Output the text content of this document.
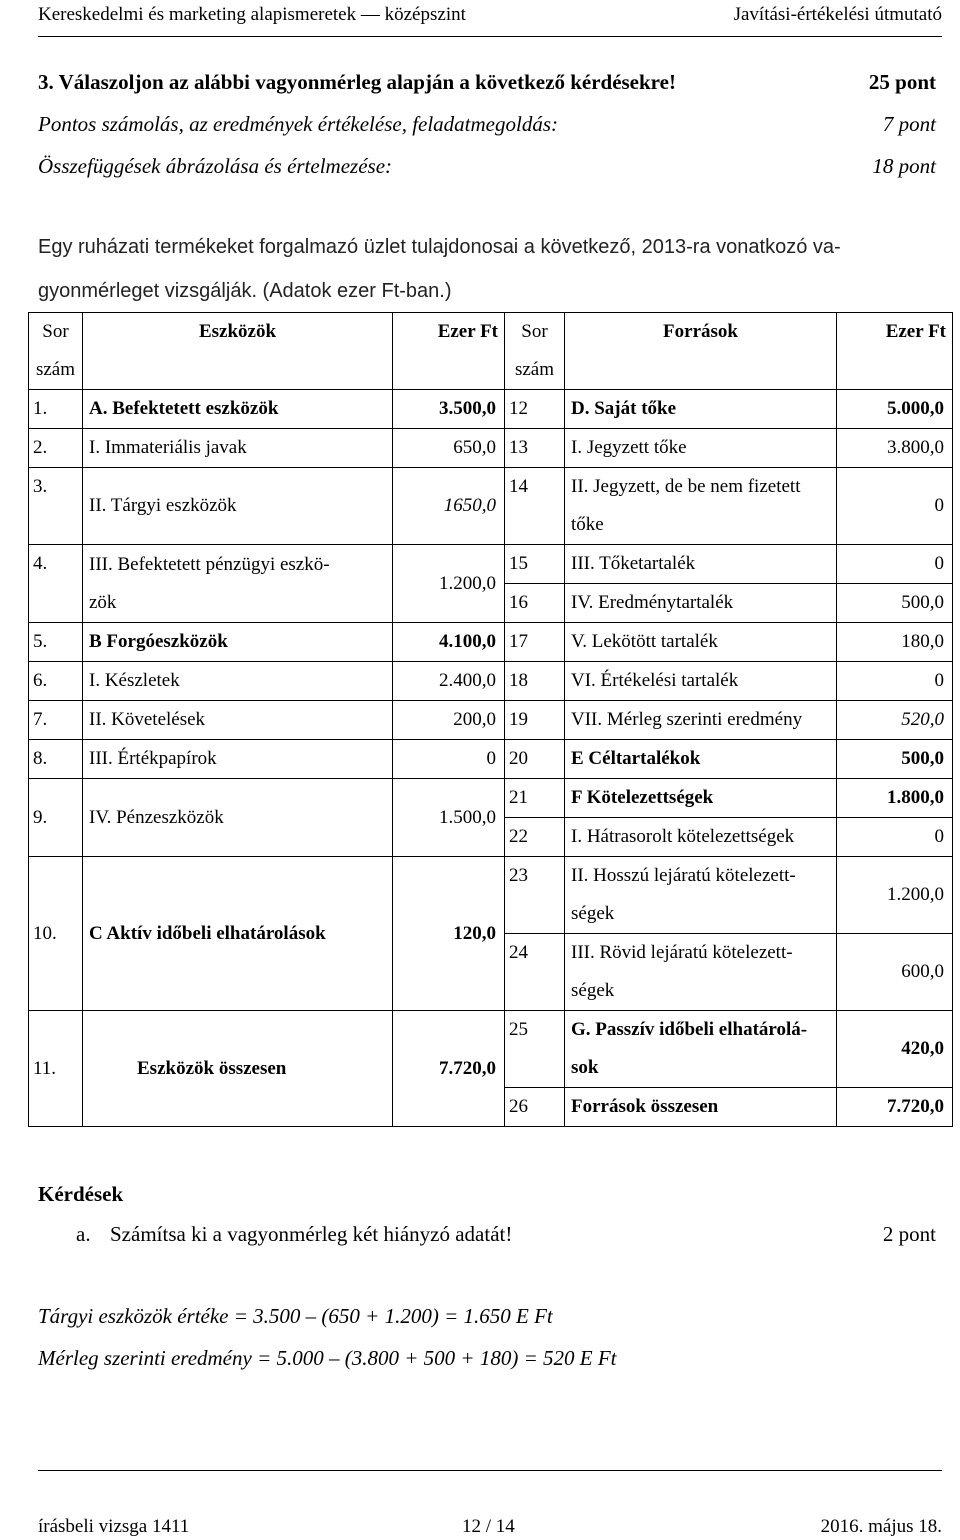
Kereskedelmi és marketing alapismeretek — középszint	Javítási-értékelési útmutató
3. Válaszoljon az alábbi vagyonmérleg alapján a következő kérdésekre!	25 pont
Pontos számolás, az eredmények értékelése, feladatmegoldás:	7 pont
Összefüggések ábrázolása és értelmezése:	18 pont
Egy ruházati termékeket forgalmazó üzlet tulajdonosai a következő, 2013-ra vonatkozó va-
gyonmérleget vizsgálják. (Adatok ezer Ft-ban.)
Sor
szám	Eszközök	Ezer Ft	Sor
szám	Források	Ezer Ft
1.	A. Befektetett eszközök	3.500,0	12	D. Saját tőke	5.000,0
2.	I. Immateriális javak	650,0	13	I. Jegyzett tőke	3.800,0
3.	II. Tárgyi eszközök	1650,0	14	II. Jegyzett, de be nem fizetett
tőke	0
4.	III. Befektetett pénzügyi eszkö-
zök	1.200,0	15	III. Tőketartalék	0
			16	IV. Eredménytartalék	500,0
5.	B Forgóeszközök	4.100,0	17	V. Lekötött tartalék	180,0
6.	I. Készletek	2.400,0	18	VI. Értékelési tartalék	0
7.	II. Követelések	200,0	19	VII. Mérleg szerinti eredmény	520,0
8.	III. Értékpapírok	0	20	E Céltartalékok	500,0
9.	IV. Pénzeszközök	1.500,0	21	F Kötelezettségek	1.800,0
			22	I. Hátrasorolt kötelezettségek	0
10.	C Aktív időbeli elhatárolások	120,0	23	II. Hosszú lejáratú kötelezett-
ségek	1.200,0
			24	III. Rövid lejáratú kötelezett-
ségek	600,0
11.	Eszközök összesen	7.720,0	25	G. Passzív időbeli elhatárolá-
sok	420,0
			26	Források összesen	7.720,0
Kérdések
a. Számítsa ki a vagyonmérleg két hiányzó adatát!	2 pont
Tárgyi eszközök értéke = 3.500 – (650 + 1.200) = 1.650 E Ft
Mérleg szerinti eredmény = 5.000 – (3.800 + 500 + 180) = 520 E Ft
írásbeli vizsga 1411	12 / 14	2016. május 18.
